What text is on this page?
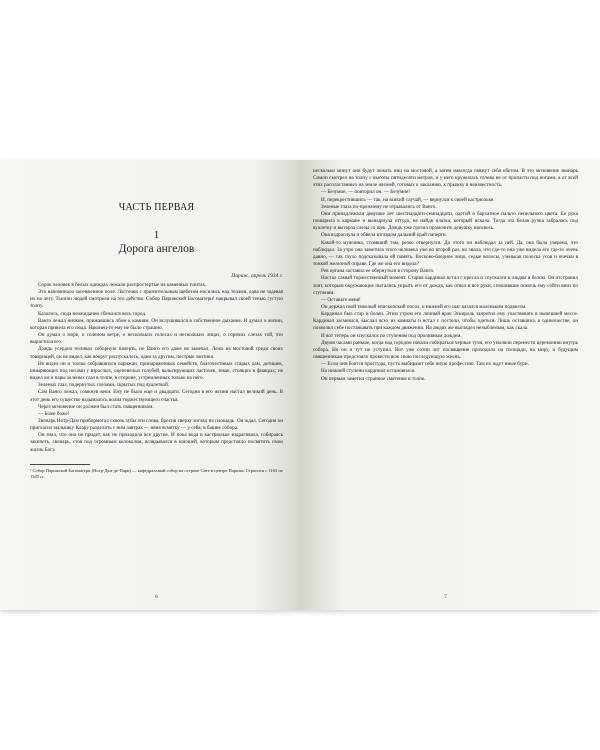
ЧАСТЬ ПЕРВАЯ
1
Дорога ангелов
Париж, апрель 1934 г.

Сорок человек в белых одеждах лежали распростертые на каменных плитах.

Это напоминало засеяженное поле. Ласточки с пронзительным щебетом носились над телами, едва не задевая их на лету. Тысячи людей смотрели на это действо. Собор Парижской Богоматери¹ накрывал своей тенью густую толпу.

Казалось, сюда неожиданно сбежался весь город.

Ванго лежал ничком, прижавшись лбом к камням. Он вслушивался в собственное дыхание. И думал о жизни, которая привела его сюда. Наконец-то ему не было страшно.

Он думал о море, о соленом ветре, о нескольких голосах и нескольких лицах, о горячих слезах той, что вырастила его.

Дождь усердно поливал соборную паперть, но Ванго его даже не замечал. Лежа на мостовой среди своих товарищей, он не видел, как вокруг распускалось, одно за другим, пестрые зонтики.

Не видел он и толпы собравшихся парижан, принаряженных семейств, благочестивых старых дам, детишек, шныряющих под ногами у взрослых, оцепенелых голубей, вальсирующих ласточек, зевак, стоящих в фиакрах; не видел он и пары зеленых глаз в толпе, в стороне, устремленных только на него.

Зеленых глаз, подернутых слезами, скрытых под вуалеткой.

Сам Ванго лежал, сомкнув веки. Ему не было еще и двадцати. Сегодня в его жизни настал великий день. В этот день его существо вздымалось волна торжествующего счастья.

Через мгновение он должен был стать священником.

— Боже боже!

Звонарь Нотр-Дам прибормотал сквозь зубы эти слова, бросив сверху взгляд на площадь. Он ждал. Сегодня он пригласил малышку Клару разделить с ним завтрак — няня всмятку — у себя, в башне собора.

Он знал, что она не придет, как не приходила все другие. И пока вода в кастрюльке вздрагивала, собираясь закипеть, звонарь, стоя под огромным колоколом, вглядывался в юношей, которым предстояло посвятить свою жизнь Богу.

¹ Собор Парижской Богоматери (Нотр-Дам-де-Пари) — кафедральный собор на острове Сите в центре Парижа. Строился с 1163 по 1345 гг.
6

несколько минут они будут лежать ниц на мостовой, а затем навсегда свяжут себя обетом. В это мгновение звонарь Симон смотрел на толпу с высоты пятидесяти метров, и у него кружилась голова не от пропасти под ногами, а от всей этих распластанных на земле жизней, готовых к закланию, к прыжку в неизвестность.

— Безумие, — повторил он. — Безумие!

И, перекрестившись — так, на всякий случай, — вернулся к своей кастрюльке.

Зеленые глаза по-прежнему не отрывались от Ванго.

Они принадлежали девушке лет шестнадцати-семнадцати, одетой в бархатное пальто пепельного цвета. Ее рука пошарила в кармане и вынырнула оттуда, не найдя платка, который искала. Тогда эта белая ручка забралась под вуалетку и вытерла слезы со щек. Дождь уже грозил промочить девушку насквозь.

Она вздрогнула и обвела взглядом дальний край паперти.

Какой-то мужчина, стоявший там, резко отвернулся. До этого он наблюдал за ней. Да, она была уверена, что наблюдал. За утро она заметила этого человека уже во второй раз, но знала, что где-то она уже видела его где-то очень давно, — так глухо подсказывала ей память. Восково-бледное лицо, седые волосы, узенькая полоска усов и очечки в тонкой железной оправе. Где же она его видела?

Рев органа заставил ее обернуться в сторону Ванго.

Настал самый торжественный момент. Старик кардинал встал с кресла и спускался к людям в белом. Он отстранил зонт, которым окружающие пытались укрыть его от дождя, как отвел и все руки, спешившие помочь ему сойти вниз по ступеням.

— Оставьте меня!

Он держал свой тяжелый епископский посох, к нижней его шаг казался маленьким подвигом.

Кардинал был стар и болен. Этим утром его личный врач Эскироль запретил ему участвовать в нынешней мессе. Кардинал засмеялся, выслал всех из комнаты и встал с постели, чтобы одеться. Лишь оставшись в одиночестве, он позволил себе постанывать при каждом движении. На людях же выглядел незыблемым, как скала.

И вот теперь он спускался по ступеням под проливным дождем.

Двумя часами раньше, когда над городом начали собираться черные тучи, его умоляли перенести церемонию внутрь собора. Но он и тут не уступил. Вот уже сотни лет посвящение проходило на площади, на миру, и будущим священникам предстояло провести всю свою последующую жизнь.

— Если они боятся простуды, пусть выбирают себе иную профессию. Там их ждут иные бури.

На нижней ступени кардинал остановился.

Он первым заметил странное смятение в толпе.

7
